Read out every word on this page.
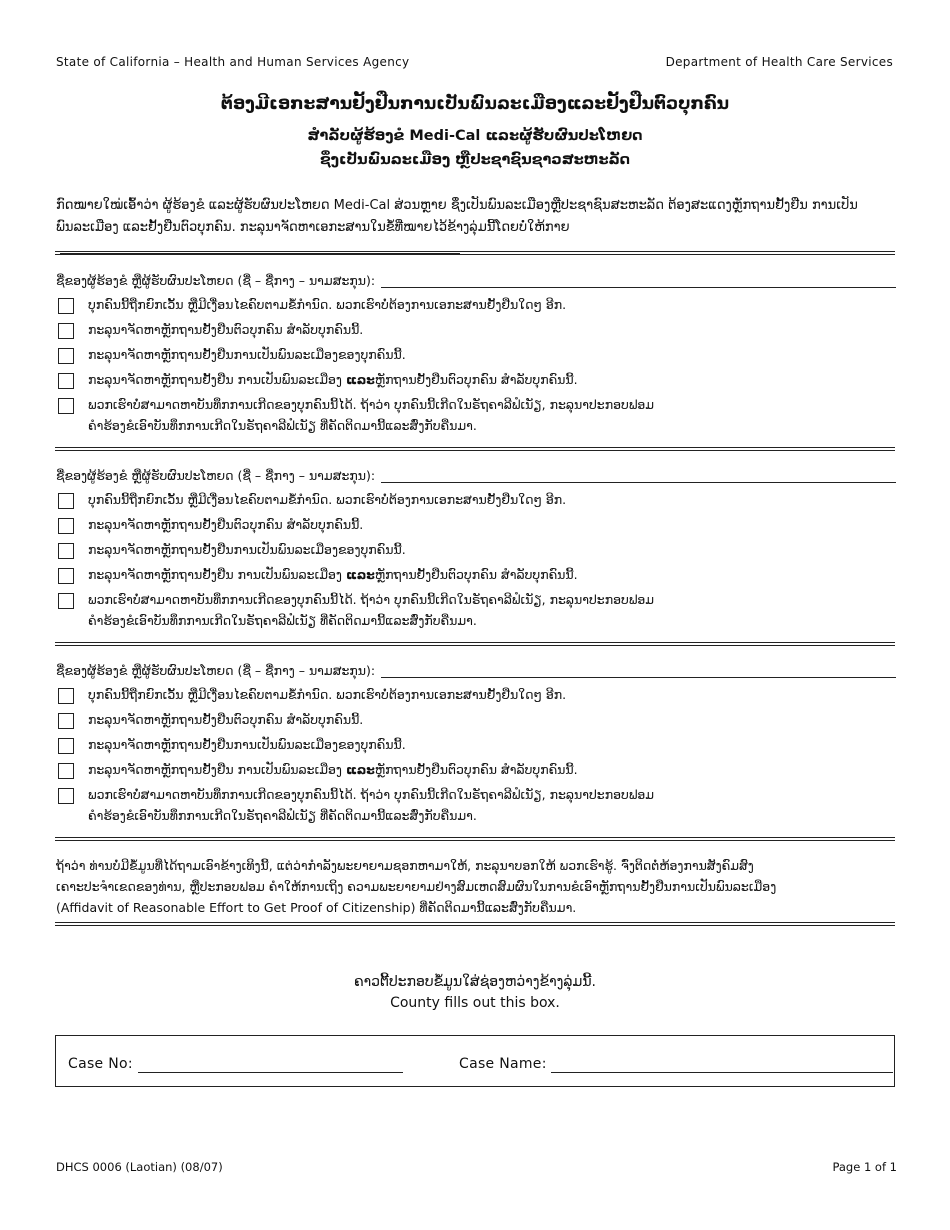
State of California – Health and Human Services Agency	Department of Health Care Services
ຕ້ອງມີເອກະສານຢັ້ງຢືນການເປັນພົນລະເມືອງແລະຢັ້ງຢືນຕົວບຸກຄົນ
ສຳລັບຜູ້ຮ້ອງຂໍ Medi-Cal ແລະຜູ້ຮັບຜົນປະໂຫຍດ
ຊຶ່ງເປັນພົນລະເມືອງ ຫຼືປະຊາຊົນຊາວສະຫະລັດ
ກົດໝາຍໃໝ່ເອົ້າວ່າ ຜູ້ຮ້ອງຂໍ ແລະຜູ້ຮັບຜົນປະໂຫຍດ Medi-Cal ສ່ວນຫຼາຍ ຊຶ່ງເປັນພົນລະເມືອງຫຼືປະຊາຊົນສະຫະລັດ ຕ້ອງສະແດງຫຼັກຖານຢັ້ງຢືນ ການເປັນພົນລະເມືອງ ແລະຢັ້ງຢືນຕົວບຸກຄົນ. ກະລຸນາຈັດຫາເອກະສານໃນຂໍ້ທີ່ໝາຍໄວ້ຂ້າງລຸ່ມນີ້ໂດຍບໍ່ໃຫ້ກາຍ
ຊື່ຂອງຜູ້ຮ້ອງຂໍ ຫຼືຜູ້ຮັບຜົນປະໂຫຍດ (ຊື່ – ຊື່ກາງ – ນາມສະກຸນ):
ບຸກຄົນນີ້ຖືກຍົກເວັ້ນ ຫຼືມີເງື່ອນໄຂຄົບຕາມຂໍ້ກຳນົດ. ພວກເຮົາບໍ່ຕ້ອງການເອກະສານຢັ້ງຢືນໃດໆ ອີກ.
ກະລຸນາຈັດຫາຫຼັກຖານຢັ້ງຢືນຕົວບຸກຄົນ ສຳລັບບຸກຄົນນີ້.
ກະລຸນາຈັດຫາຫຼັກຖານຢັ້ງຢືນການເປັນພົນລະເມືອງຂອງບຸກຄົນນີ້.
ກະລຸນາຈັດຫາຫຼັກຖານຢັ້ງຢືນ ການເປັນພົນລະເມືອງ ແລະຫຼັກຖານຢັ້ງຢືນຕົວບຸກຄົນ ສຳລັບບຸກຄົນນີ້.
ພວກເຮົາບໍ່ສາມາດຫາບັນທຶກການເກີດຂອງບຸກຄົນນີ້ໄດ້. ຖ້າວ່າ ບຸກຄົນນີ້ເກີດໃນຣັຖຄາລີຟໍເນັຽ, ກະລຸນາປະກອບຟອມ
ຄຳຮ້ອງຂໍເອົາບັນທຶກການເກີດໃນຣັຖຄາລີຟໍເນັຽ ທີ່ຄັດຕິດມານີ້ແລະສົ່ງກັບຄືນມາ.
ຊື່ຂອງຜູ້ຮ້ອງຂໍ ຫຼືຜູ້ຮັບຜົນປະໂຫຍດ (ຊື່ – ຊື່ກາງ – ນາມສະກຸນ):
ບຸກຄົນນີ້ຖືກຍົກເວັ້ນ ຫຼືມີເງື່ອນໄຂຄົບຕາມຂໍ້ກຳນົດ. ພວກເຮົາບໍ່ຕ້ອງການເອກະສານຢັ້ງຢືນໃດໆ ອີກ.
ກະລຸນາຈັດຫາຫຼັກຖານຢັ້ງຢືນຕົວບຸກຄົນ ສຳລັບບຸກຄົນນີ້.
ກະລຸນາຈັດຫາຫຼັກຖານຢັ້ງຢືນການເປັນພົນລະເມືອງຂອງບຸກຄົນນີ້.
ກະລຸນາຈັດຫາຫຼັກຖານຢັ້ງຢືນ ການເປັນພົນລະເມືອງ ແລະຫຼັກຖານຢັ້ງຢືນຕົວບຸກຄົນ ສຳລັບບຸກຄົນນີ້.
ພວກເຮົາບໍ່ສາມາດຫາບັນທຶກການເກີດຂອງບຸກຄົນນີ້ໄດ້. ຖ້າວ່າ ບຸກຄົນນີ້ເກີດໃນຣັຖຄາລີຟໍເນັຽ, ກະລຸນາປະກອບຟອມ
ຄຳຮ້ອງຂໍເອົາບັນທຶກການເກີດໃນຣັຖຄາລີຟໍເນັຽ ທີ່ຄັດຕິດມານີ້ແລະສົ່ງກັບຄືນມາ.
ຊື່ຂອງຜູ້ຮ້ອງຂໍ ຫຼືຜູ້ຮັບຜົນປະໂຫຍດ (ຊື່ – ຊື່ກາງ – ນາມສະກຸນ):
ບຸກຄົນນີ້ຖືກຍົກເວັ້ນ ຫຼືມີເງື່ອນໄຂຄົບຕາມຂໍ້ກຳນົດ. ພວກເຮົາບໍ່ຕ້ອງການເອກະສານຢັ້ງຢືນໃດໆ ອີກ.
ກະລຸນາຈັດຫາຫຼັກຖານຢັ້ງຢືນຕົວບຸກຄົນ ສຳລັບບຸກຄົນນີ້.
ກະລຸນາຈັດຫາຫຼັກຖານຢັ້ງຢືນການເປັນພົນລະເມືອງຂອງບຸກຄົນນີ້.
ກະລຸນາຈັດຫາຫຼັກຖານຢັ້ງຢືນ ການເປັນພົນລະເມືອງ ແລະຫຼັກຖານຢັ້ງຢືນຕົວບຸກຄົນ ສຳລັບບຸກຄົນນີ້.
ພວກເຮົາບໍ່ສາມາດຫາບັນທຶກການເກີດຂອງບຸກຄົນນີ້ໄດ້. ຖ້າວ່າ ບຸກຄົນນີ້ເກີດໃນຣັຖຄາລີຟໍເນັຽ, ກະລຸນາປະກອບຟອມ
ຄຳຮ້ອງຂໍເອົາບັນທຶກການເກີດໃນຣັຖຄາລີຟໍເນັຽ ທີ່ຄັດຕິດມານີ້ແລະສົ່ງກັບຄືນມາ.
ຖ້າວ່າ ທ່ານບໍ່ມີຂໍ້ມູນທີ່ໄດ້ຖາມເອົາຂ້າງເທິງນີ້, ແຕ່ວ່າກຳລັງພະຍາຍາມຊອກຫາມາໃຫ້, ກະລຸນາບອກໃຫ້ ພວກເຮົາຮູ້. ຈົ່ງຕິດຕໍ່ຫ້ອງການສັງຄົມສົງ
ເຄາະປະຈຳເຂດຂອງທ່ານ, ຫຼືປະກອບຟອມ ຄຳໃຫ້ການເຖິງ ຄວາມພະຍາຍາມຢ່າງສົມເຫດສົມຜົນໃນການຂໍເອົາຫຼັກຖານຢັ້ງຢືນການເປັນພົນລະເມືອງ
(Affidavit of Reasonable Effort to Get Proof of Citizenship) ທີ່ຄັດຕິດມານີ້ແລະສົ່ງກັບຄືນມາ.
ຄາວຕີ້ປະກອບຂໍ້ມູນໃສ່ຊ່ອງຫວ່າງຂ້າງລຸ່ມນີ້.
County fills out this box.
Case No:	Case Name:
DHCS 0006 (Laotian) (08/07)	Page 1 of 1
